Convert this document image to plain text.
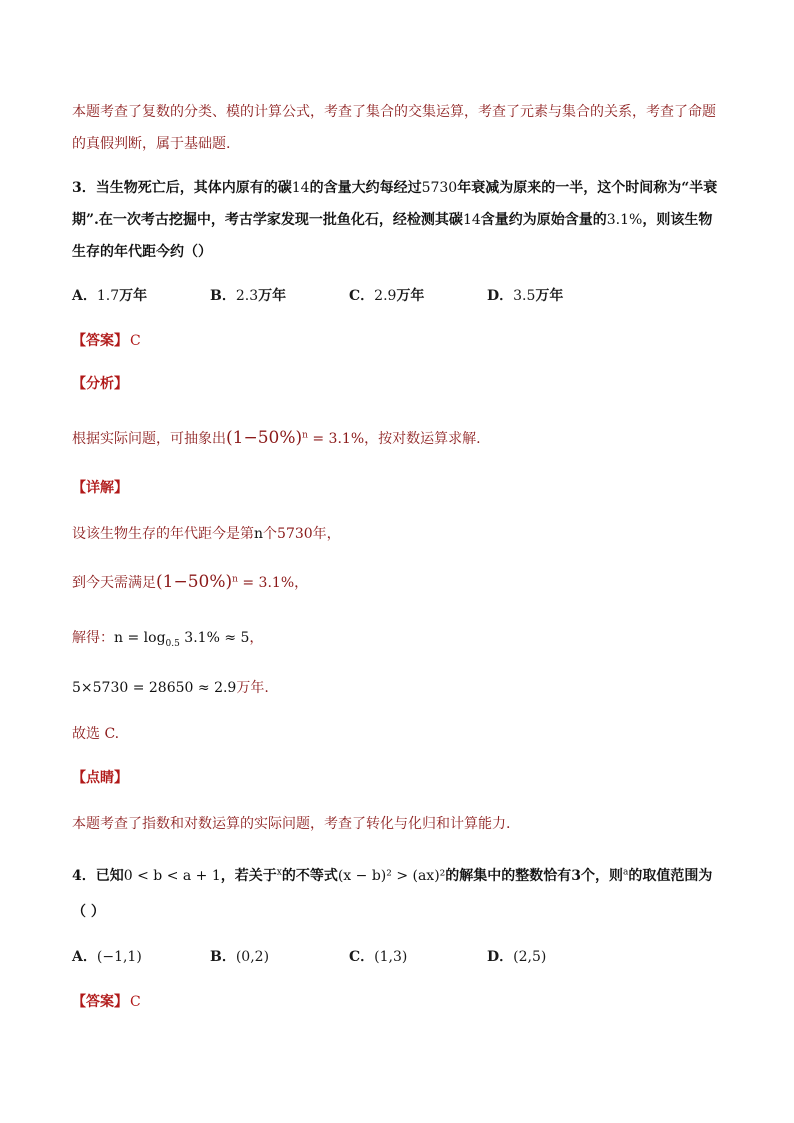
本题考查了复数的分类、模的计算公式，考查了集合的交集运算，考查了元素与集合的关系，考查了命题
的真假判断，属于基础题.
3．当生物死亡后，其体内原有的碳14的含量大约每经过5730年衰减为原来的一半，这个时间称为“半衰
期”.在一次考古挖掘中，考古学家发现一批鱼化石，经检测其碳14含量约为原始含量的3.1%，则该生物
生存的年代距今约（）
A．1.7万年	B．2.3万年	C．2.9万年	D．3.5万年
【答案】 C
【分析】
根据实际问题，可抽象出$(1-50\%)^n = 3.1\%$，按对数运算求解.
【详解】
设该生物生存的年代距今是第n个5730年，
到今天需满足$(1-50\%)^n = 3.1\%$，
解得：$n = \log_{0.5} 3.1\% \approx 5$，
5×5730 = 28650 ≈ 2.9万年.
故选 C.
【点睛】
本题考查了指数和对数运算的实际问题，考查了转化与化归和计算能力.
4．已知0 < b < a + 1，若关于$^x$的不等式(x − b)² > (ax)²的解集中的整数恰有3个，则$^a$的取值范围为
（ ）
A．(−1,1)	B．(0,2)	C．(1,3)	D．(2,5)
【答案】 C
